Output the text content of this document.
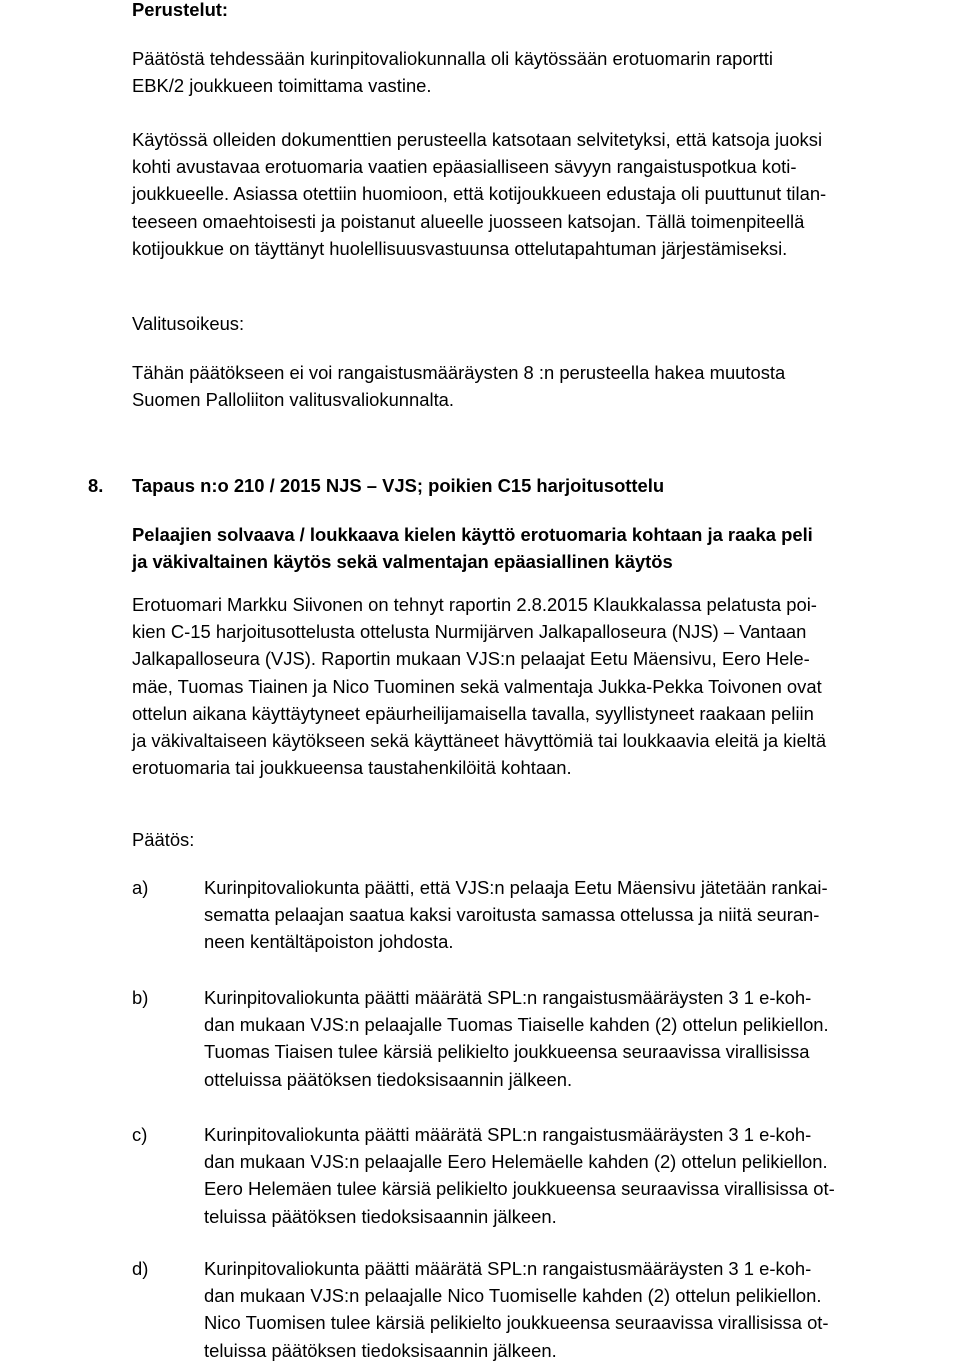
Perustelut:
Päätöstä tehdessään kurinpitovaliokunnalla oli käytössään erotuomarin raportti
EBK/2 joukkueen toimittama vastine.
Käytössä olleiden dokumenttien perusteella katsotaan selvitetyksi, että katsoja juoksi
kohti avustavaa erotuomaria vaatien epäasialliseen sävyyn rangaistuspotkua koti-
joukkueelle. Asiassa otettiin huomioon, että kotijoukkueen edustaja oli puuttunut tilan-
teeseen omaehtoisesti ja poistanut alueelle juosseen katsojan. Tällä toimenpiteellä
kotijoukkue on täyttänyt huolellisuusvastuunsa ottelutapahtuman järjestämiseksi.
Valitusoikeus:
Tähän päätökseen ei voi rangaistusmääräysten 8 :n perusteella hakea muutosta
Suomen Palloliiton valitusvaliokunnalta.
8.	Tapaus n:o 210 / 2015 NJS – VJS; poikien C15 harjoitusottelu
Pelaajien solvaava / loukkaava kielen käyttö erotuomaria kohtaan ja raaka peli
ja väkivaltainen käytös sekä valmentajan epäasiallinen käytös
Erotuomari Markku Siivonen on tehnyt raportin 2.8.2015 Klaukkalassa pelatusta poi-
kien C-15 harjoitusottelusta ottelusta Nurmijärven Jalkapalloseura (NJS) – Vantaan
Jalkapalloseura (VJS). Raportin mukaan VJS:n pelaajat Eetu Mäensivu, Eero Hele-
mäe, Tuomas Tiainen ja Nico Tuominen sekä valmentaja Jukka-Pekka Toivonen ovat
ottelun aikana käyttäytyneet epäurheilijamaisella tavalla, syyllistyneet raakaan peliin
ja väkivaltaiseen käytökseen sekä käyttäneet hävyttömiä tai loukkaavia eleitä ja kieltä
erotuomaria tai joukkueensa taustahenkilöitä kohtaan.
Päätös:
a)	Kurinpitovaliokunta päätti, että VJS:n pelaaja Eetu Mäensivu jätetään rankai-
sematta pelaajan saatua kaksi varoitusta samassa ottelussa ja niitä seuran-
neen kentältäpoiston johdosta.
b)	Kurinpitovaliokunta päätti määrätä SPL:n rangaistusmääräysten 3 1 e-koh-
dan mukaan VJS:n pelaajalle Tuomas Tiaiselle kahden (2) ottelun pelikiellon.
Tuomas Tiaisen tulee kärsiä pelikielto joukkueensa seuraavissa virallisissa
otteluissa päätöksen tiedoksisaannin jälkeen.
c)	Kurinpitovaliokunta päätti määrätä SPL:n rangaistusmääräysten 3 1 e-koh-
dan mukaan VJS:n pelaajalle Eero Helemäelle kahden (2) ottelun pelikiellon.
Eero Helemäen tulee kärsiä pelikielto joukkueensa seuraavissa virallisissa ot-
teluissa päätöksen tiedoksisaannin jälkeen.
d)	Kurinpitovaliokunta päätti määrätä SPL:n rangaistusmääräysten 3 1 e-koh-
dan mukaan VJS:n pelaajalle Nico Tuomiselle kahden (2) ottelun pelikiellon.
Nico Tuomisen tulee kärsiä pelikielto joukkueensa seuraavissa virallisissa ot-
teluissa päätöksen tiedoksisaannin jälkeen.
